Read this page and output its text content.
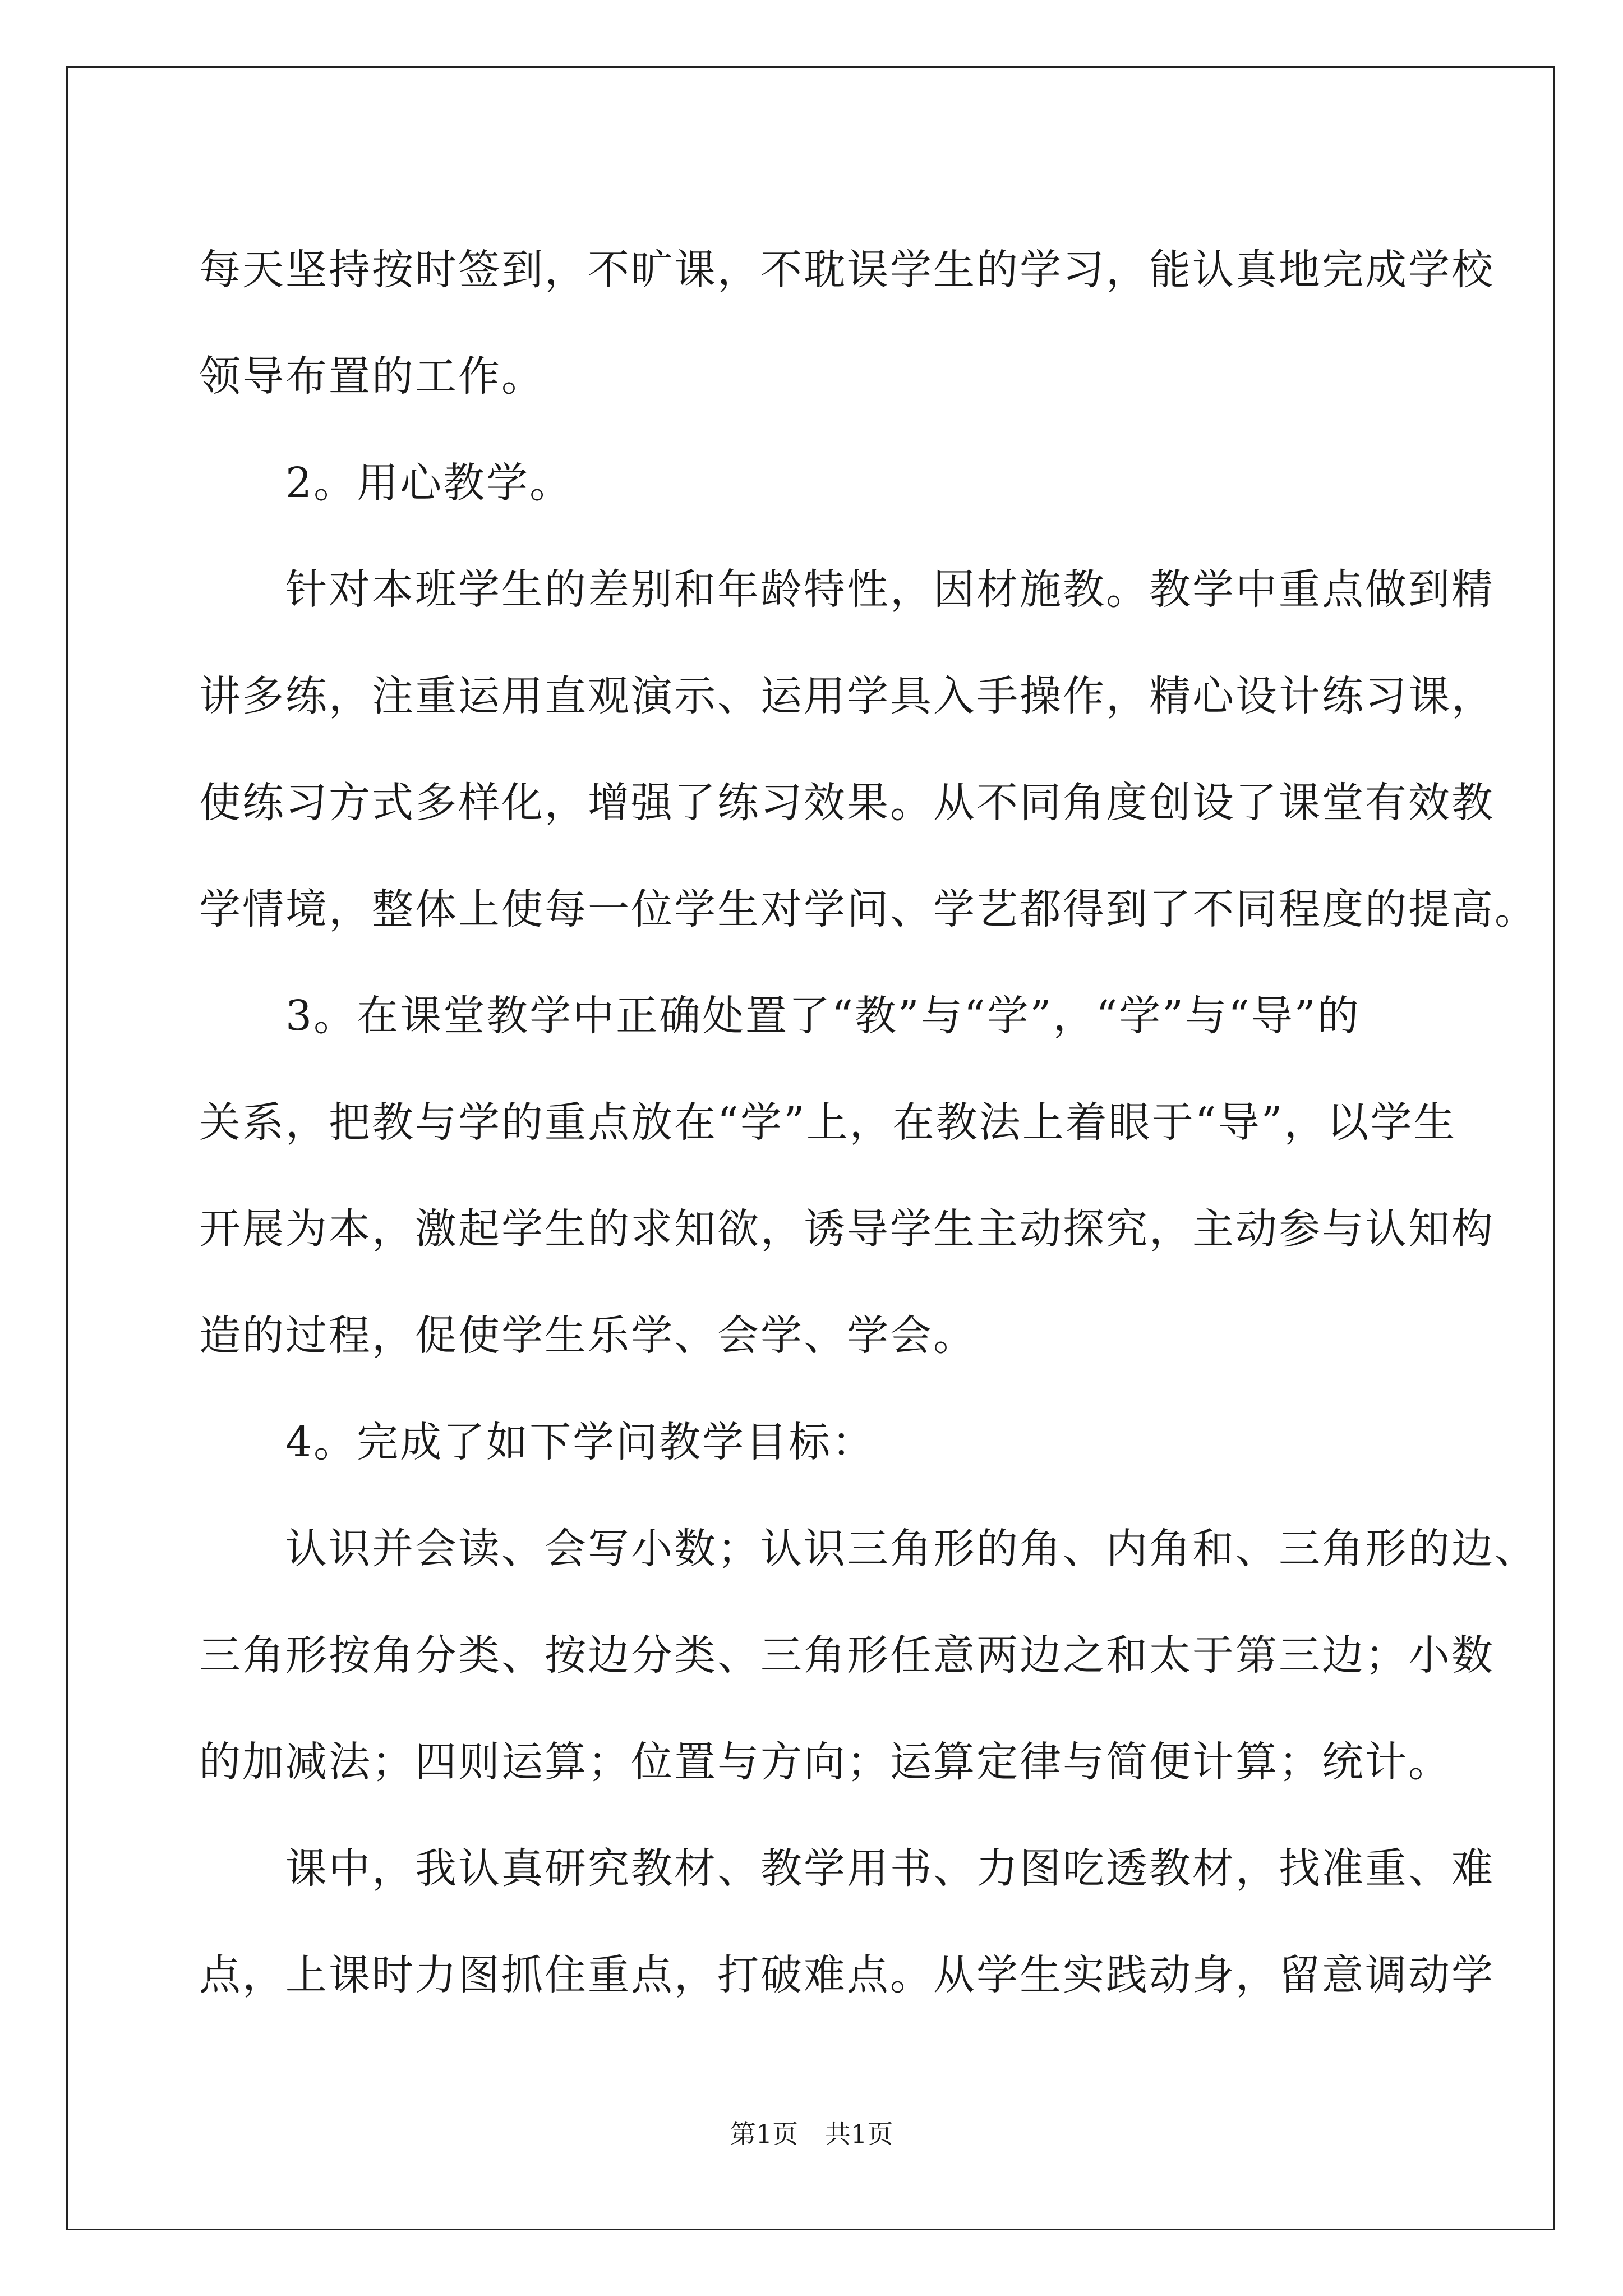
每天坚持按时签到，不旷课，不耽误学生的学习，能认真地完成学校

领导布置的工作。

　　2。用心教学。

　　针对本班学生的差别和年龄特性，因材施教。教学中重点做到精

讲多练，注重运用直观演示、运用学具入手操作，精心设计练习课，

使练习方式多样化，增强了练习效果。从不同角度创设了课堂有效教

学情境，整体上使每一位学生对学问、学艺都得到了不同程度的提高。

　　3。在课堂教学中正确处置了“教”与“学”，“学”与“导”的

关系，把教与学的重点放在“学”上，在教法上着眼于“导”，以学生

开展为本，激起学生的求知欲，诱导学生主动探究，主动参与认知构

造的过程，促使学生乐学、会学、学会。

　　4。完成了如下学问教学目标：

　　认识并会读、会写小数；认识三角形的角、内角和、三角形的边、

三角形按角分类、按边分类、三角形任意两边之和太于第三边；小数

的加减法；四则运算；位置与方向；运算定律与简便计算；统计。

　　课中，我认真研究教材、教学用书、力图吃透教材，找准重、难

点，上课时力图抓住重点，打破难点。从学生实践动身，留意调动学

第1页 共1页
